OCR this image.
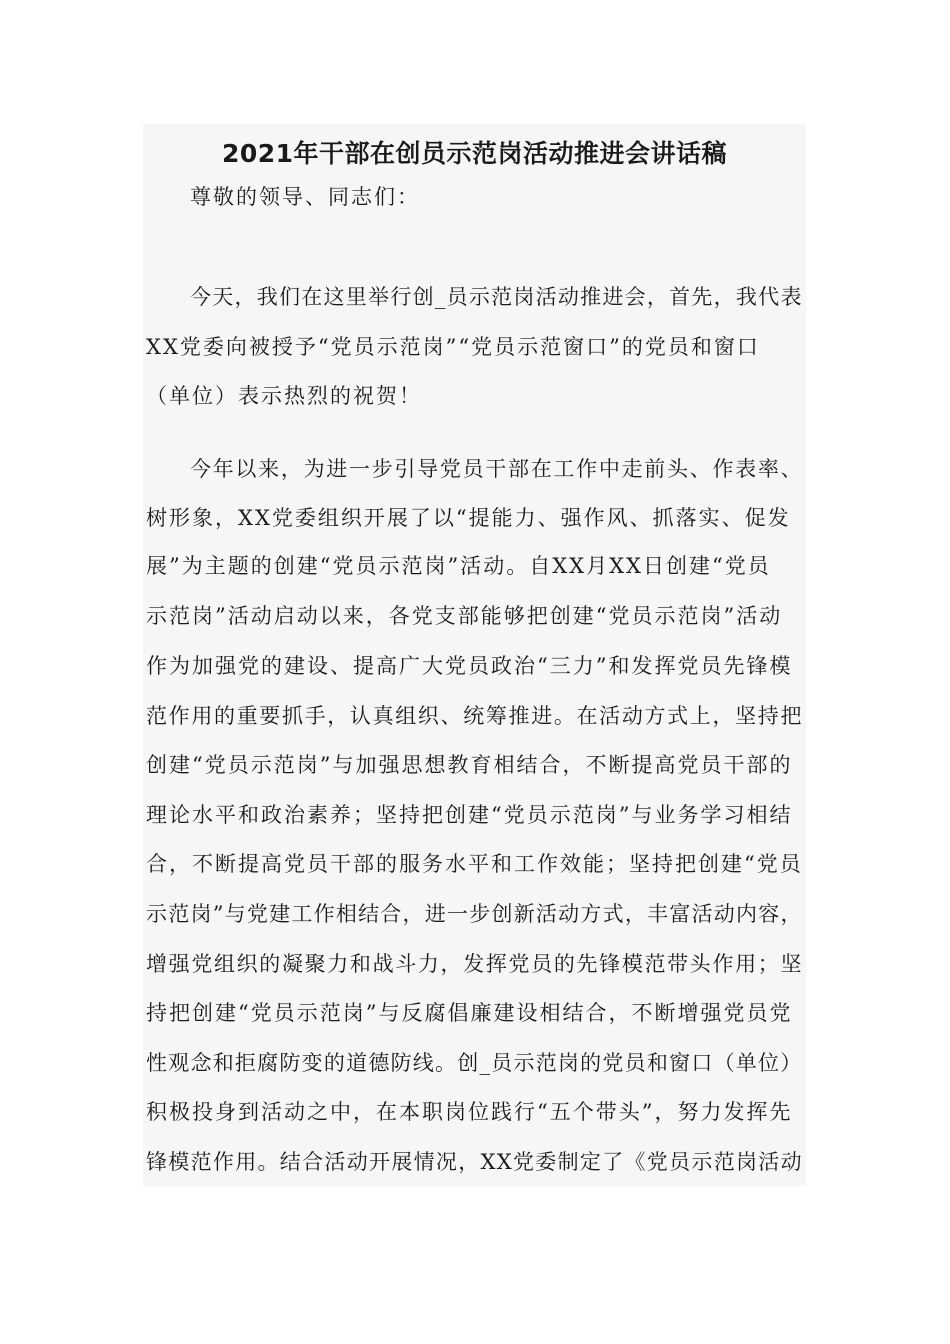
2021年干部在创员示范岗活动推进会讲话稿
尊敬的领导、同志们：
今天，我们在这里举行创_员示范岗活动推进会，首先，我代表
XX党委向被授予“党员示范岗”“党员示范窗口”的党员和窗口
（单位）表示热烈的祝贺！
今年以来，为进一步引导党员干部在工作中走前头、作表率、
树形象，XX党委组织开展了以“提能力、强作风、抓落实、促发
展”为主题的创建“党员示范岗”活动。自XX月XX日创建“党员
示范岗”活动启动以来，各党支部能够把创建“党员示范岗”活动
作为加强党的建设、提高广大党员政治“三力”和发挥党员先锋模
范作用的重要抓手，认真组织、统筹推进。在活动方式上，坚持把
创建“党员示范岗”与加强思想教育相结合，不断提高党员干部的
理论水平和政治素养；坚持把创建“党员示范岗”与业务学习相结
合，不断提高党员干部的服务水平和工作效能；坚持把创建“党员
示范岗”与党建工作相结合，进一步创新活动方式，丰富活动内容，
增强党组织的凝聚力和战斗力，发挥党员的先锋模范带头作用；坚
持把创建“党员示范岗”与反腐倡廉建设相结合，不断增强党员党
性观念和拒腐防变的道德防线。创_员示范岗的党员和窗口（单位）
积极投身到活动之中，在本职岗位践行“五个带头”，努力发挥先
锋模范作用。结合活动开展情况，XX党委制定了《党员示范岗活动
